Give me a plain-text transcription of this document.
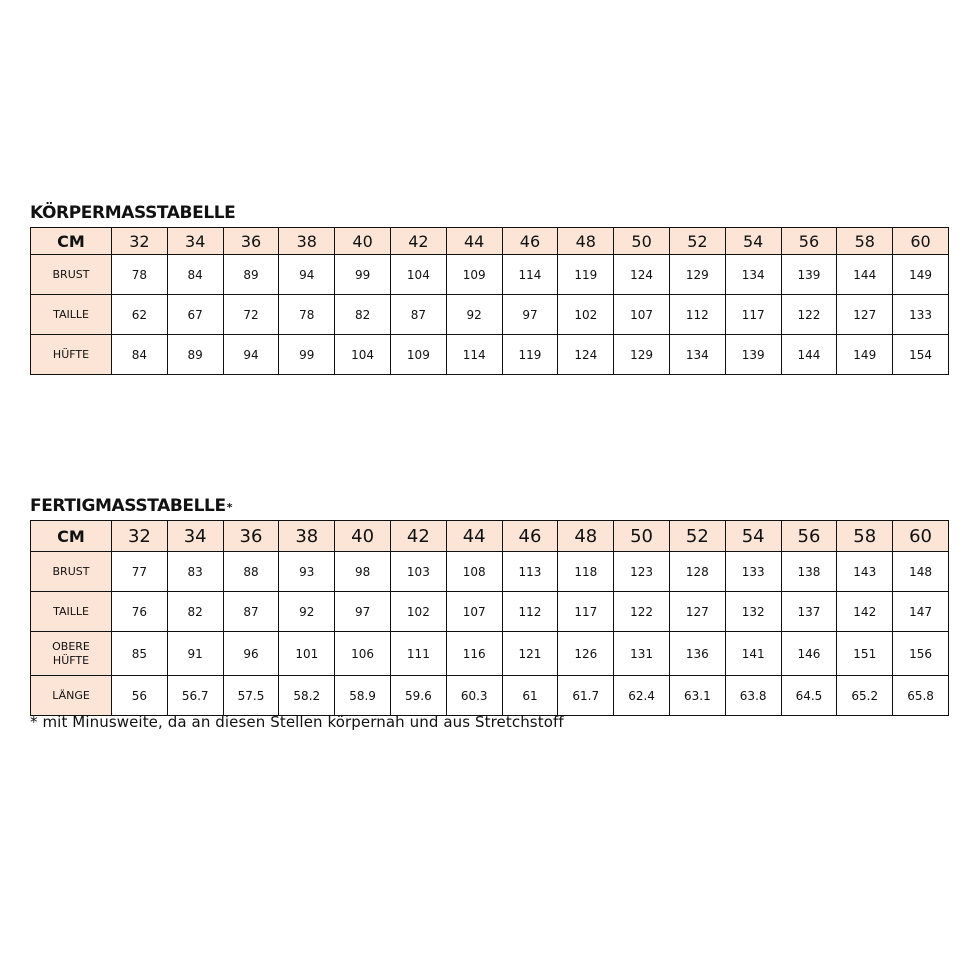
KÖRPERMASSTABELLE
CM	32	34	36	38	40	42	44	46	48	50	52	54	56	58	60
BRUST	78	84	89	94	99	104	109	114	119	124	129	134	139	144	149
TAILLE	62	67	72	78	82	87	92	97	102	107	112	117	122	127	133
HÜFTE	84	89	94	99	104	109	114	119	124	129	134	139	144	149	154
FERTIGMASSTABELLE*
CM	32	34	36	38	40	42	44	46	48	50	52	54	56	58	60
BRUST	77	83	88	93	98	103	108	113	118	123	128	133	138	143	148
TAILLE	76	82	87	92	97	102	107	112	117	122	127	132	137	142	147

OBERE
HÜFTE	85	91	96	101	106	111	116	121	126	131	136	141	146	151	156
LÄNGE	56	56.7	57.5	58.2	58.9	59.6	60.3	61	61.7	62.4	63.1	63.8	64.5	65.2	65.8
* mit Minusweite, da an diesen Stellen körpernah und aus Stretchstoff
